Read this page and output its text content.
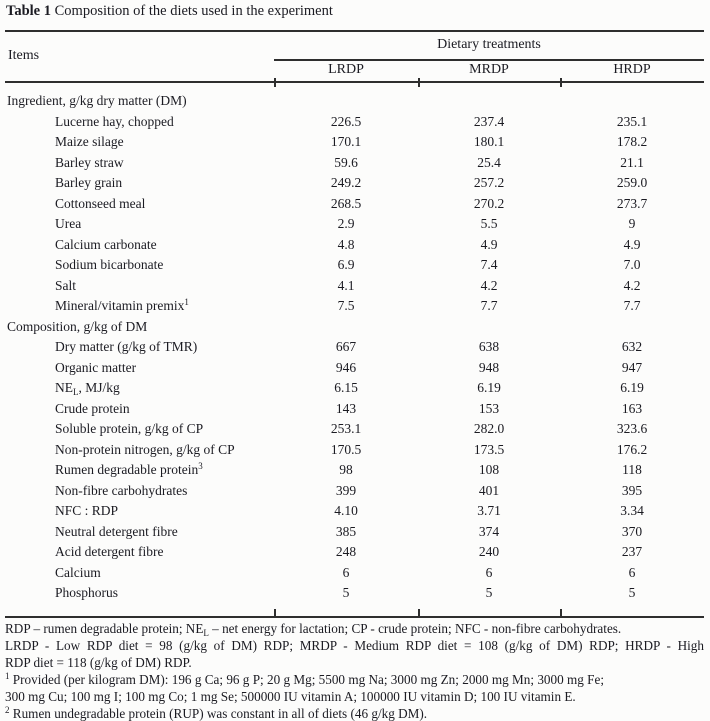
Table 1 Composition of the diets used in the experiment
Items
Dietary treatments
LRDP	MRDP	HRDP
Ingredient, g/kg dry matter (DM)
Lucerne hay, chopped	226.5	237.4	235.1
Maize silage	170.1	180.1	178.2
Barley straw	59.6	25.4	21.1
Barley grain	249.2	257.2	259.0
Cottonseed meal	268.5	270.2	273.7
Urea	2.9	5.5	9
Calcium carbonate	4.8	4.9	4.9
Sodium bicarbonate	6.9	7.4	7.0
Salt	4.1	4.2	4.2
Mineral/vitamin premix$^1$	7.5	7.7	7.7
Composition, g/kg of DM
Dry matter (g/kg of TMR)	667	638	632
Organic matter	946	948	947
$NE_L$, MJ/kg	6.15	6.19	6.19
Crude protein	143	153	163
Soluble protein, g/kg of CP	253.1	282.0	323.6
Non-protein nitrogen, g/kg of CP	170.5	173.5	176.2
Rumen degradable protein$^3$	98	108	118
Non-fibre carbohydrates	399	401	395
NFC : RDP	4.10	3.71	3.34
Neutral detergent fibre	385	374	370
Acid detergent fibre	248	240	237
Calcium	6	6	6
Phosphorus	5	5	5
RDP – rumen degradable protein; $NE_L$ – net energy for lactation; CP - crude protein; NFC - non-fibre carbohydrates.
LRDP - Low RDP diet = 98 (g/kg of DM) RDP; MRDP - Medium RDP diet = 108 (g/kg of DM) RDP; HRDP - High
RDP diet = 118 (g/kg of DM) RDP.
$^1$ Provided (per kilogram DM): 196 g Ca; 96 g P; 20 g Mg; 5500 mg Na; 3000 mg Zn; 2000 mg Mn; 3000 mg Fe;
300 mg Cu; 100 mg I; 100 mg Co; 1 mg Se; 500000 IU vitamin A; 100000 IU vitamin D; 100 IU vitamin E.
$^2$ Rumen undegradable protein (RUP) was constant in all of diets (46 g/kg DM).
